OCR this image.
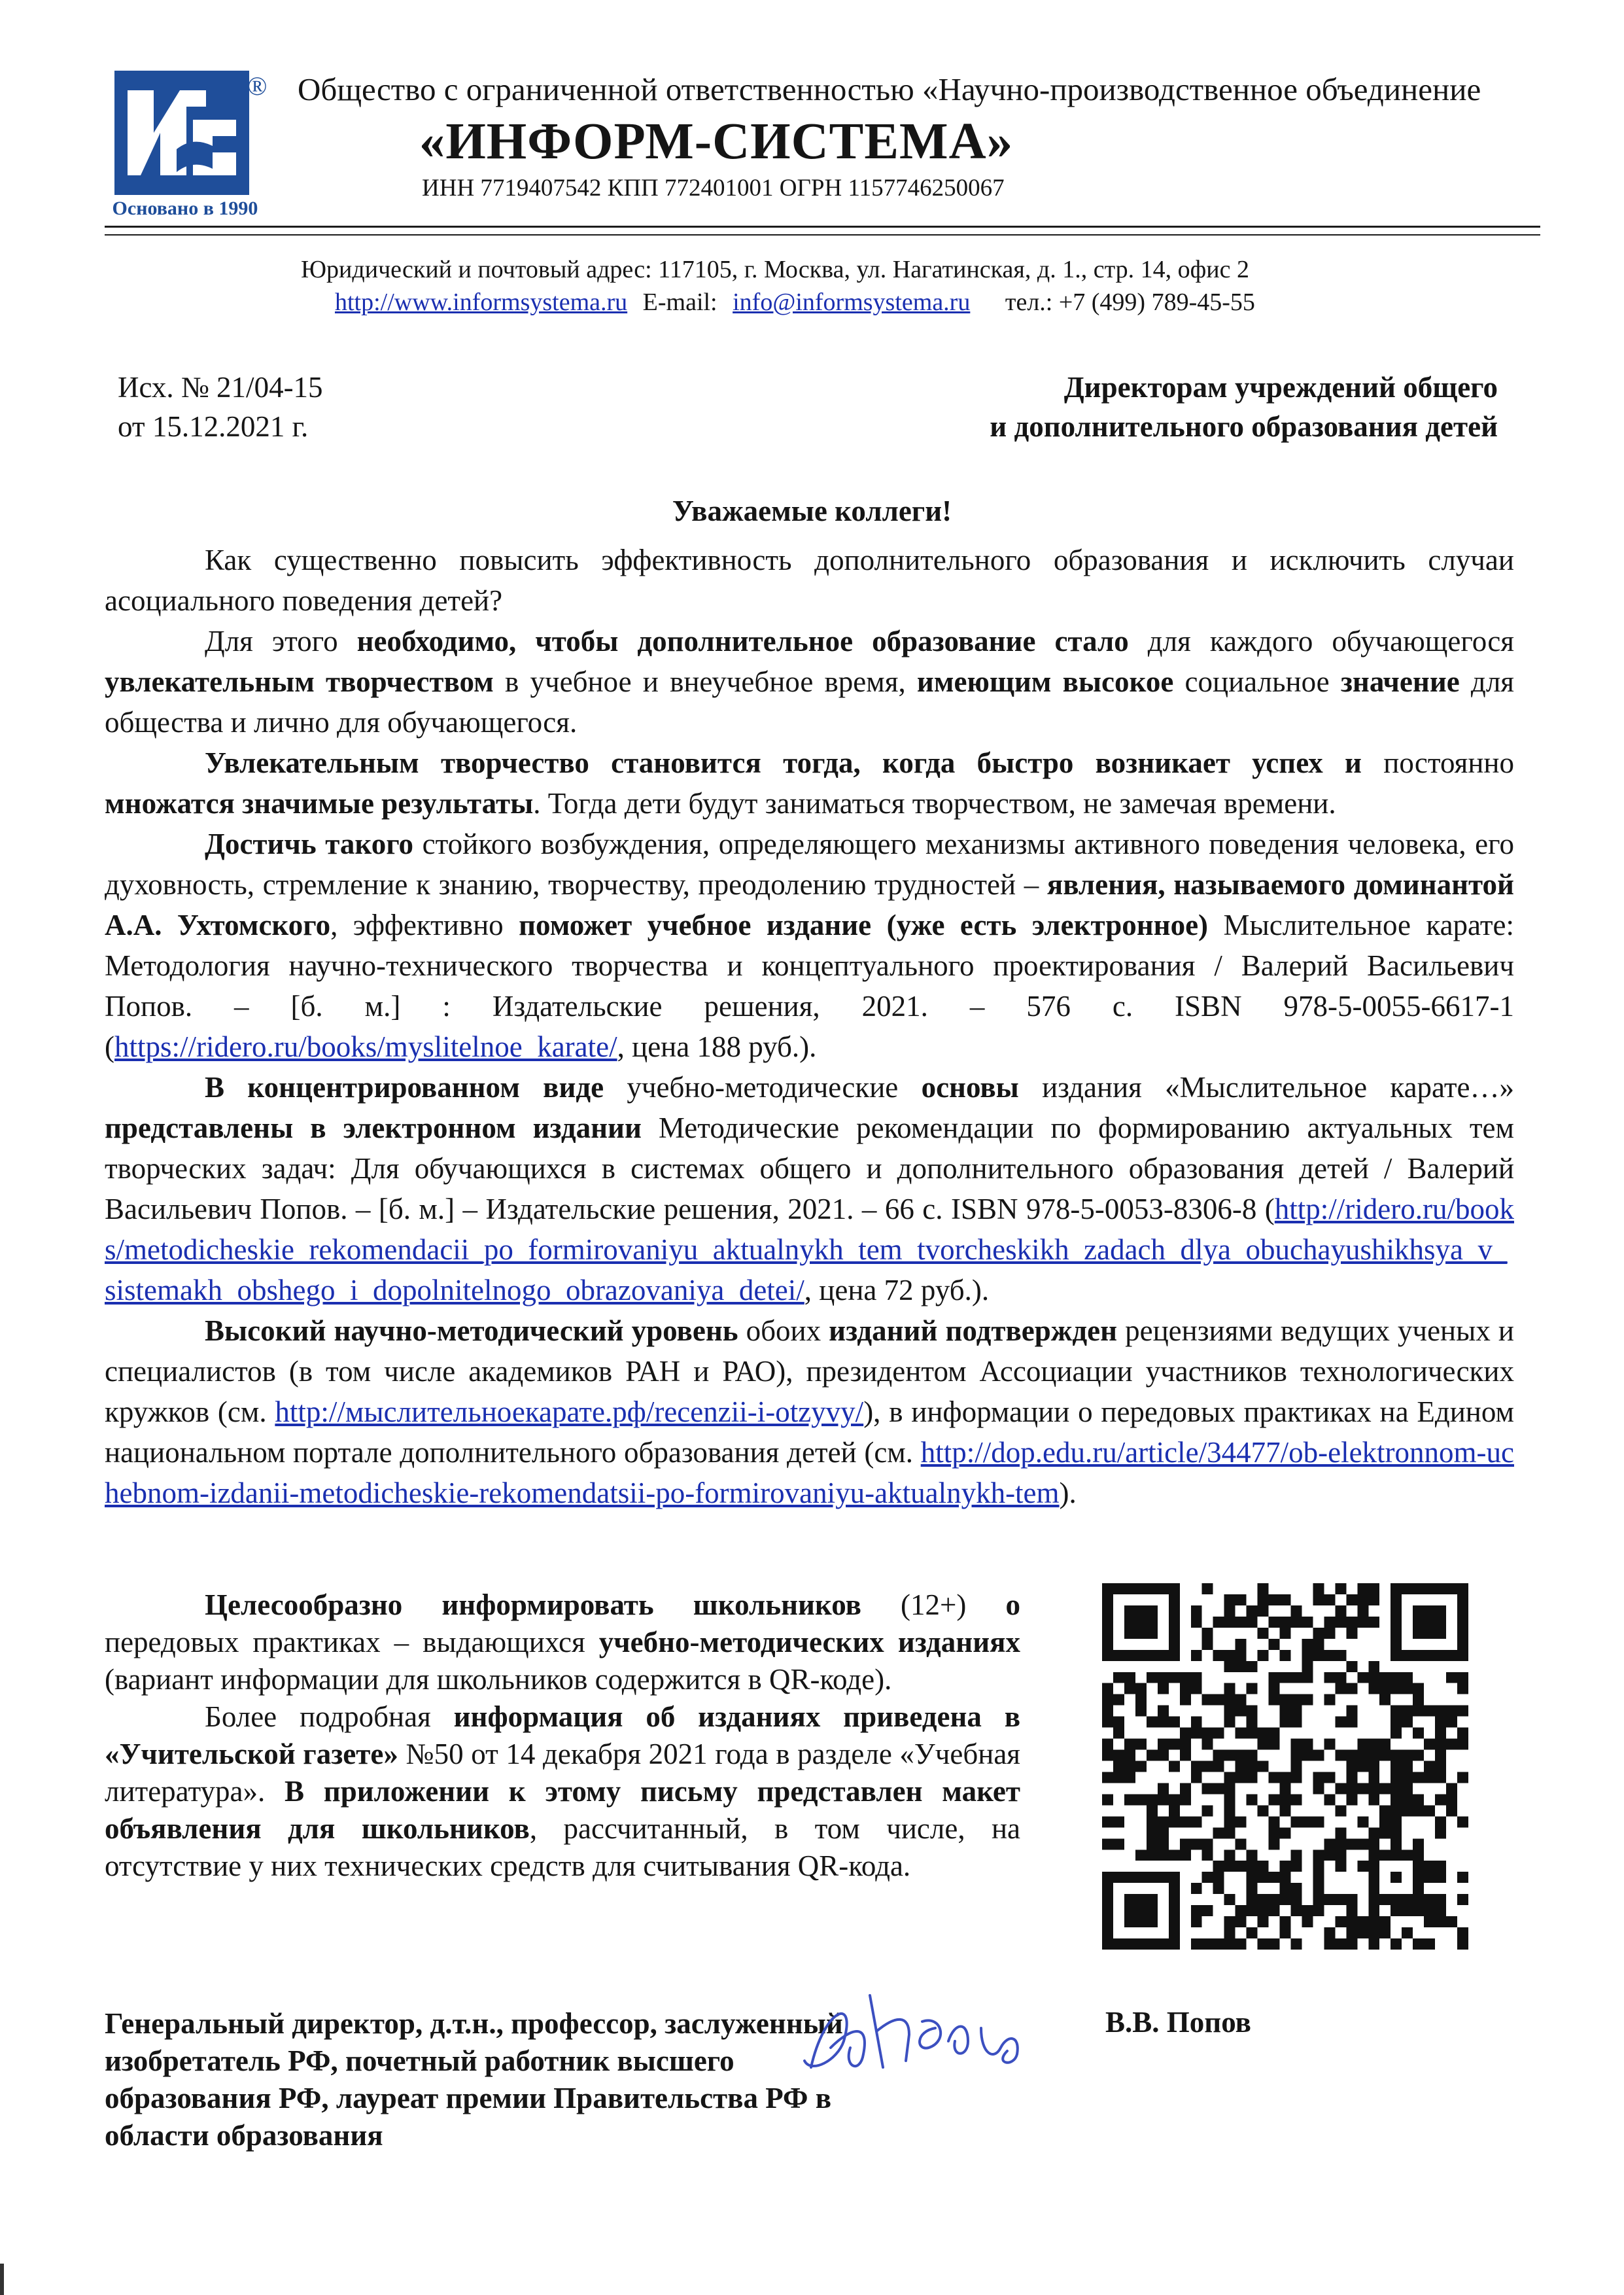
®
Основано в 1990
Общество с ограниченной ответственностью «Научно-производственное объединение
«ИНФОРМ-СИСТЕМА»
ИНН 7719407542 КПП 772401001 ОГРН 1157746250067
Юридический и почтовый адрес: 117105, г. Москва, ул. Нагатинская, д. 1., стр. 14, офис 2
http://www.informsystema.ru E-mail: info@informsystema.ru тел.: +7 (499) 789-45-55
Исх. № 21/04-15
от 15.12.2021 г.
Директорам учреждений общего
и дополнительного образования детей
Уважаемые коллеги!

Как существенно повысить эффективность дополнительного образования и исключить случаи асоциального поведения детей?

Для этого необходимо, чтобы дополнительное образование стало для каждого обучающегося увлекательным творчеством в учебное и внеучебное время, имеющим высокое социальное значение для общества и лично для обучающегося.

Увлекательным творчество становится тогда, когда быстро возникает успех и постоянно множатся значимые результаты. Тогда дети будут заниматься творчеством, не замечая времени.

Достичь такого стойкого возбуждения, определяющего механизмы активного поведения человека, его духовность, стремление к знанию, творчеству, преодолению трудностей – явления, называемого доминантой А.А. Ухтомского, эффективно поможет учебное издание (уже есть электронное) Мыслительное карате: Методология научно-технического творчества и концептуального проектирования / Валерий Васильевич Попов. – [б. м.] : Издательские решения, 2021. – 576 с. ISBN 978-5-0055-6617-1 (https://ridero.ru/books/myslitelnoe_karate/, цена 188 руб.).

В концентрированном виде учебно-методические основы издания «Мыслительное карате…» представлены в электронном издании Методические рекомендации по формированию актуальных тем творческих задач: Для обучающихся в системах общего и дополнительного образования детей / Валерий Васильевич Попов. – [б. м.] – Издательские решения, 2021. – 66 с. ISBN 978-5-0053-8306-8 (http://ridero.ru/books/metodicheskie_rekomendacii_po_formirovaniyu_aktualnykh_tem_tvorcheskikh_zadach_dlya_obuchayushikhsya_v_sistemakh_obshego_i_dopolnitelnogo_obrazovaniya_detei/, цена 72 руб.).

Высокий научно-методический уровень обоих изданий подтвержден рецензиями ведущих ученых и специалистов (в том числе академиков РАН и РАО), президентом Ассоциации участников технологических кружков (см. http://мыслительноекарате.рф/recenzii-i-otzyvy/), в информации о передовых практиках на Едином национальном портале дополнительного образования детей (см. http://dop.edu.ru/article/34477/ob-elektronnom-uchebnom-izdanii-metodicheskie-rekomendatsii-po-formirovaniyu-aktualnykh-tem).

Целесообразно информировать школьников (12+) о передовых практиках – выдающихся учебно-методических изданиях (вариант информации для школьников содержится в QR-коде).

Более подробная информация об изданиях приведена в «Учительской газете» №50 от 14 декабря 2021 года в разделе «Учебная литература». В приложении к этому письму представлен макет объявления для школьников, рассчитанный, в том числе, на отсутствие у них технических средств для считывания QR-кода.

Генеральный директор, д.т.н., профессор, заслуженный изобретатель РФ, почетный работник высшего образования РФ, лауреат премии Правительства РФ в области образования
В.В. Попов
